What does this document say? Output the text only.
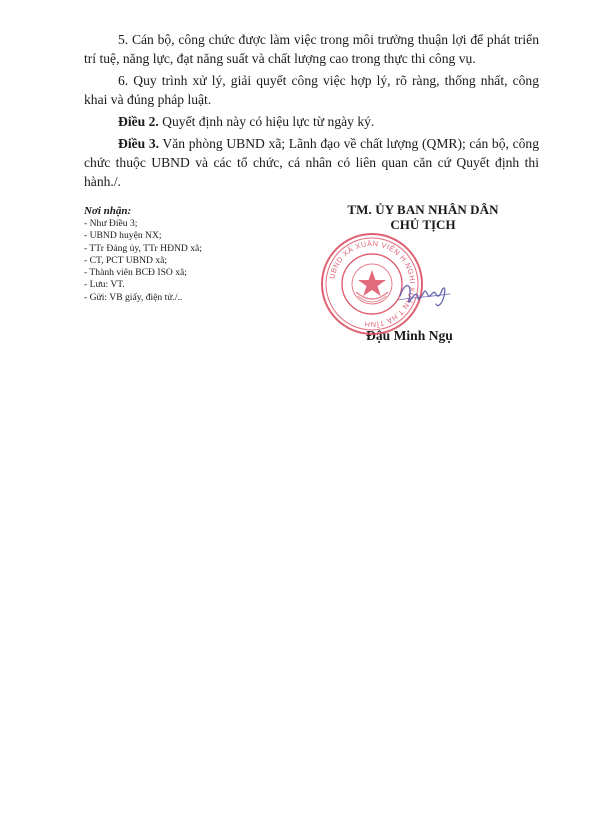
5. Cán bộ, công chức được làm việc trong môi trường thuận lợi để phát triển trí tuệ, năng lực, đạt năng suất và chất lượng cao trong thực thi công vụ.

6. Quy trình xử lý, giải quyết công việc hợp lý, rõ ràng, thống nhất, công khai và đúng pháp luật.

Điều 2. Quyết định này có hiệu lực từ ngày ký.

Điều 3. Văn phòng UBND xã; Lãnh đạo về chất lượng (QMR); cán bộ, công chức thuộc UBND và các tổ chức, cá nhân có liên quan căn cứ Quyết định thi hành./.

Nơi nhận:
- Như Điều 3;
- UBND huyện NX;
- TTr Đảng ủy, TTr HĐND xã;
- CT, PCT UBND xã;
- Thành viên BCĐ ISO xã;
- Lưu: VT.
- Gửi: VB giấy, điện tử./..
TM. ỦY BAN NHÂN DÂN
CHỦ TỊCH
Đậu Minh Ngụ
UBND XÃ XUÂN VIÊN H.NGHI XUÂN T.HÀ TĨNH
